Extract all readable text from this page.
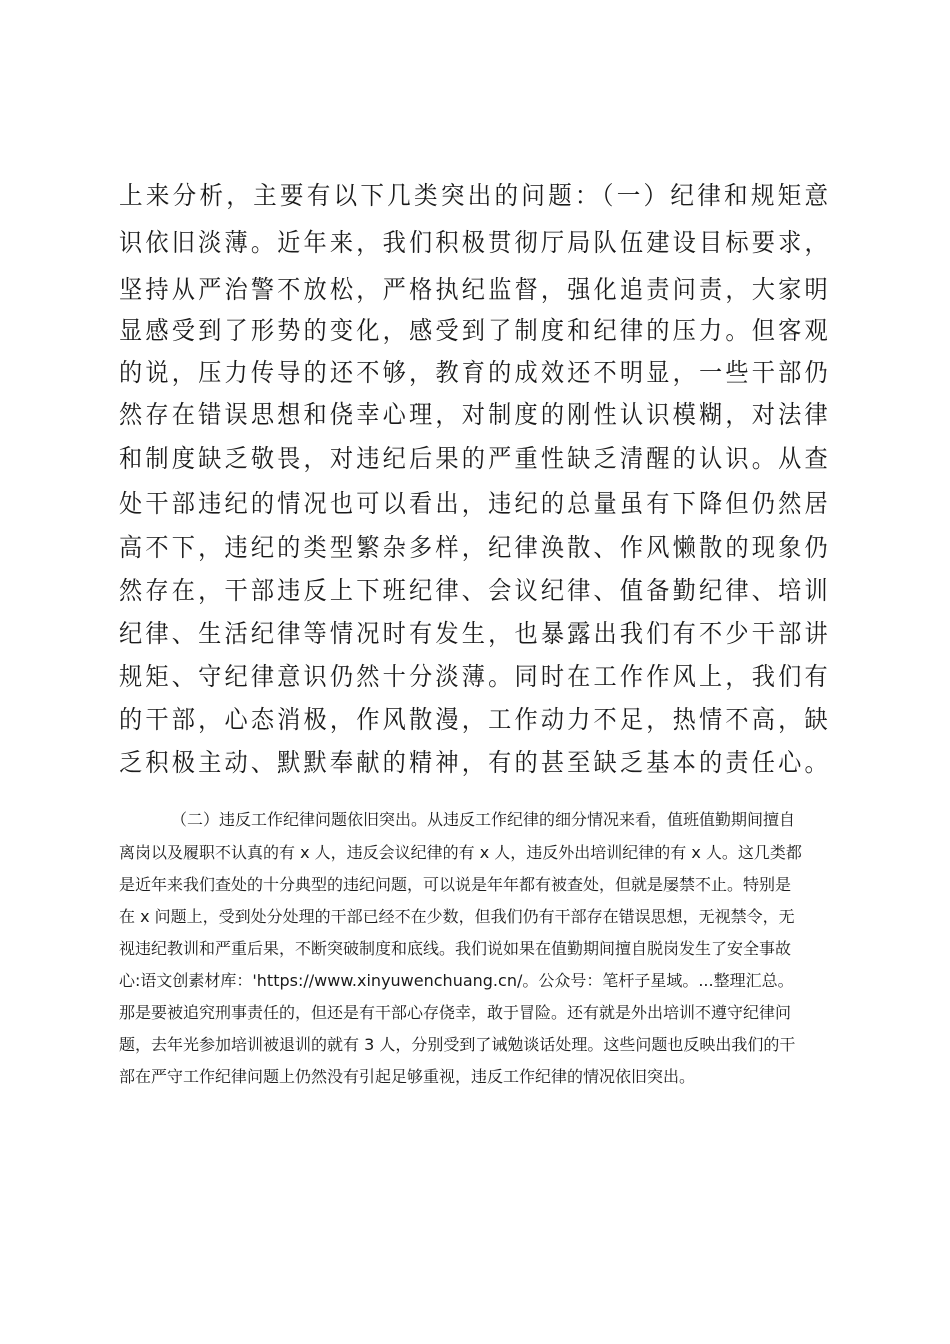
上来分析，主要有以下几类突出的问题：（一）纪律和规矩意

识依旧淡薄。近年来，我们积极贯彻厅局队伍建设目标要求，

坚持从严治警不放松，严格执纪监督，强化追责问责，大家明

显感受到了形势的变化，感受到了制度和纪律的压力。但客观

的说，压力传导的还不够，教育的成效还不明显，一些干部仍

然存在错误思想和侥幸心理，对制度的刚性认识模糊，对法律

和制度缺乏敬畏，对违纪后果的严重性缺乏清醒的认识。从查

处干部违纪的情况也可以看出，违纪的总量虽有下降但仍然居

高不下，违纪的类型繁杂多样，纪律涣散、作风懒散的现象仍

然存在，干部违反上下班纪律、会议纪律、值备勤纪律、培训

纪律、生活纪律等情况时有发生，也暴露出我们有不少干部讲

规矩、守纪律意识仍然十分淡薄。同时在工作作风上，我们有

的干部，心态消极，作风散漫，工作动力不足，热情不高，缺

乏积极主动、默默奉献的精神，有的甚至缺乏基本的责任心。

（二）违反工作纪律问题依旧突出。从违反工作纪律的细分情况来看，值班值勤期间擅自

离岗以及履职不认真的有 x 人，违反会议纪律的有 x 人，违反外出培训纪律的有 x 人。这几类都

是近年来我们查处的十分典型的违纪问题，可以说是年年都有被查处，但就是屡禁不止。特别是

在 x 问题上，受到处分处理的干部已经不在少数，但我们仍有干部存在错误思想，无视禁令，无

视违纪教训和严重后果，不断突破制度和底线。我们说如果在值勤期间擅自脱岗发生了安全事故

心:语文创素材库：'https://www.xinyuwenchuang.cn/。公众号：笔杆子星域。...整理汇总。

那是要被追究刑事责任的，但还是有干部心存侥幸，敢于冒险。还有就是外出培训不遵守纪律问

题，去年光参加培训被退训的就有 3 人，分别受到了诫勉谈话处理。这些问题也反映出我们的干

部在严守工作纪律问题上仍然没有引起足够重视，违反工作纪律的情况依旧突出。
